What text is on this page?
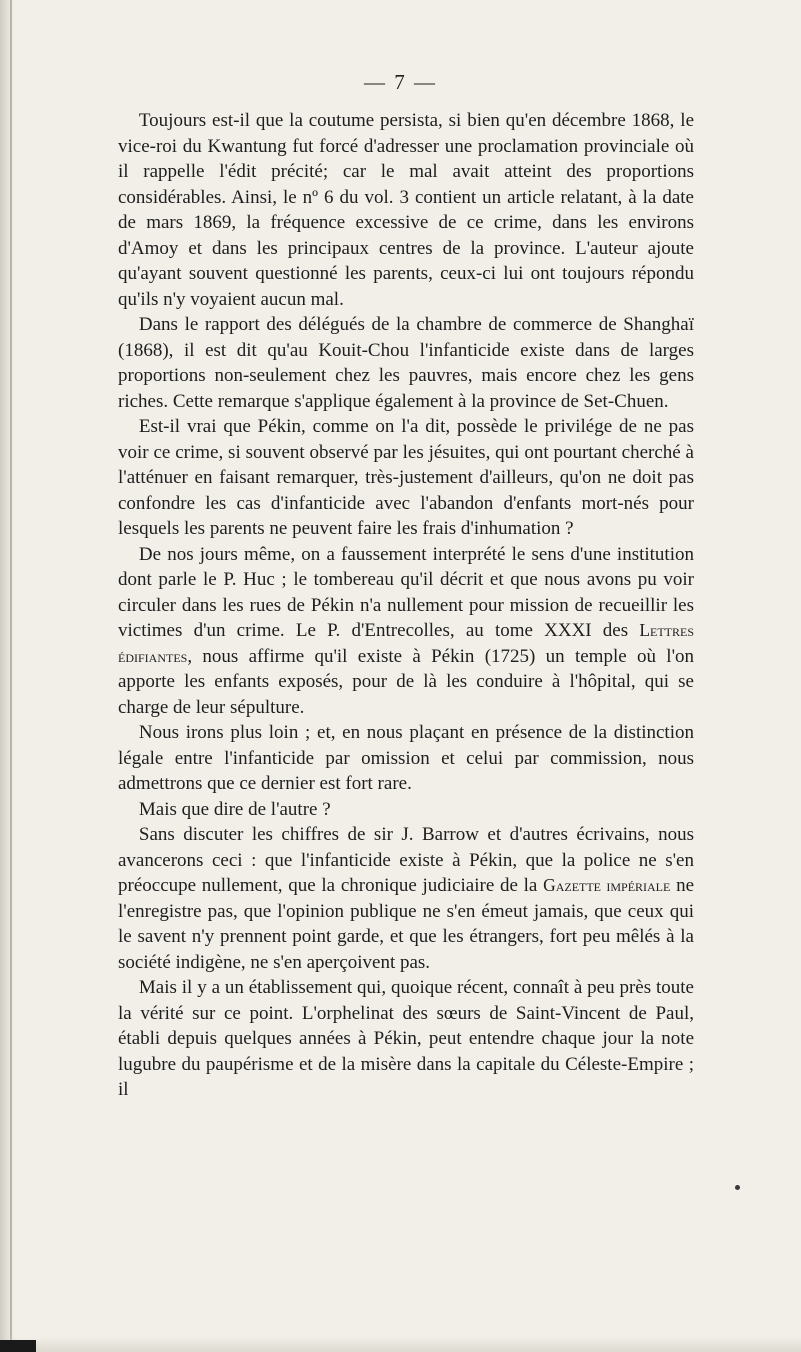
— 7 —

Toujours est-il que la coutume persista, si bien qu'en décembre 1868, le vice-roi du Kwantung fut forcé d'adresser une proclamation provinciale où il rappelle l'édit précité; car le mal avait atteint des proportions considérables. Ainsi, le nº 6 du vol. 3 contient un article relatant, à la date de mars 1869, la fréquence excessive de ce crime, dans les environs d'Amoy et dans les principaux centres de la province. L'auteur ajoute qu'ayant souvent questionné les parents, ceux-ci lui ont toujours répondu qu'ils n'y voyaient aucun mal.

Dans le rapport des délégués de la chambre de commerce de Shanghaï (1868), il est dit qu'au Kouit-Chou l'infanticide existe dans de larges proportions non-seulement chez les pauvres, mais encore chez les gens riches. Cette remarque s'applique également à la province de Set-Chuen.

Est-il vrai que Pékin, comme on l'a dit, possède le privilége de ne pas voir ce crime, si souvent observé par les jésuites, qui ont pourtant cherché à l'atténuer en faisant remarquer, très-justement d'ailleurs, qu'on ne doit pas confondre les cas d'infanticide avec l'abandon d'enfants mort-nés pour lesquels les parents ne peuvent faire les frais d'inhumation ?

De nos jours même, on a faussement interprété le sens d'une institution dont parle le P. Huc ; le tombereau qu'il décrit et que nous avons pu voir circuler dans les rues de Pékin n'a nullement pour mission de recueillir les victimes d'un crime. Le P. d'Entrecolles, au tome XXXI des Lettres édifiantes, nous affirme qu'il existe à Pékin (1725) un temple où l'on apporte les enfants exposés, pour de là les conduire à l'hôpital, qui se charge de leur sépulture.

Nous irons plus loin ; et, en nous plaçant en présence de la distinction légale entre l'infanticide par omission et celui par commission, nous admettrons que ce dernier est fort rare.

Mais que dire de l'autre ?

Sans discuter les chiffres de sir J. Barrow et d'autres écrivains, nous avancerons ceci : que l'infanticide existe à Pékin, que la police ne s'en préoccupe nullement, que la chronique judiciaire de la Gazette impériale ne l'enregistre pas, que l'opinion publique ne s'en émeut jamais, que ceux qui le savent n'y prennent point garde, et que les étrangers, fort peu mêlés à la société indigène, ne s'en aperçoivent pas.

Mais il y a un établissement qui, quoique récent, connaît à peu près toute la vérité sur ce point. L'orphelinat des sœurs de Saint-Vincent de Paul, établi depuis quelques années à Pékin, peut entendre chaque jour la note lugubre du paupérisme et de la misère dans la capitale du Céleste-Empire ; il
